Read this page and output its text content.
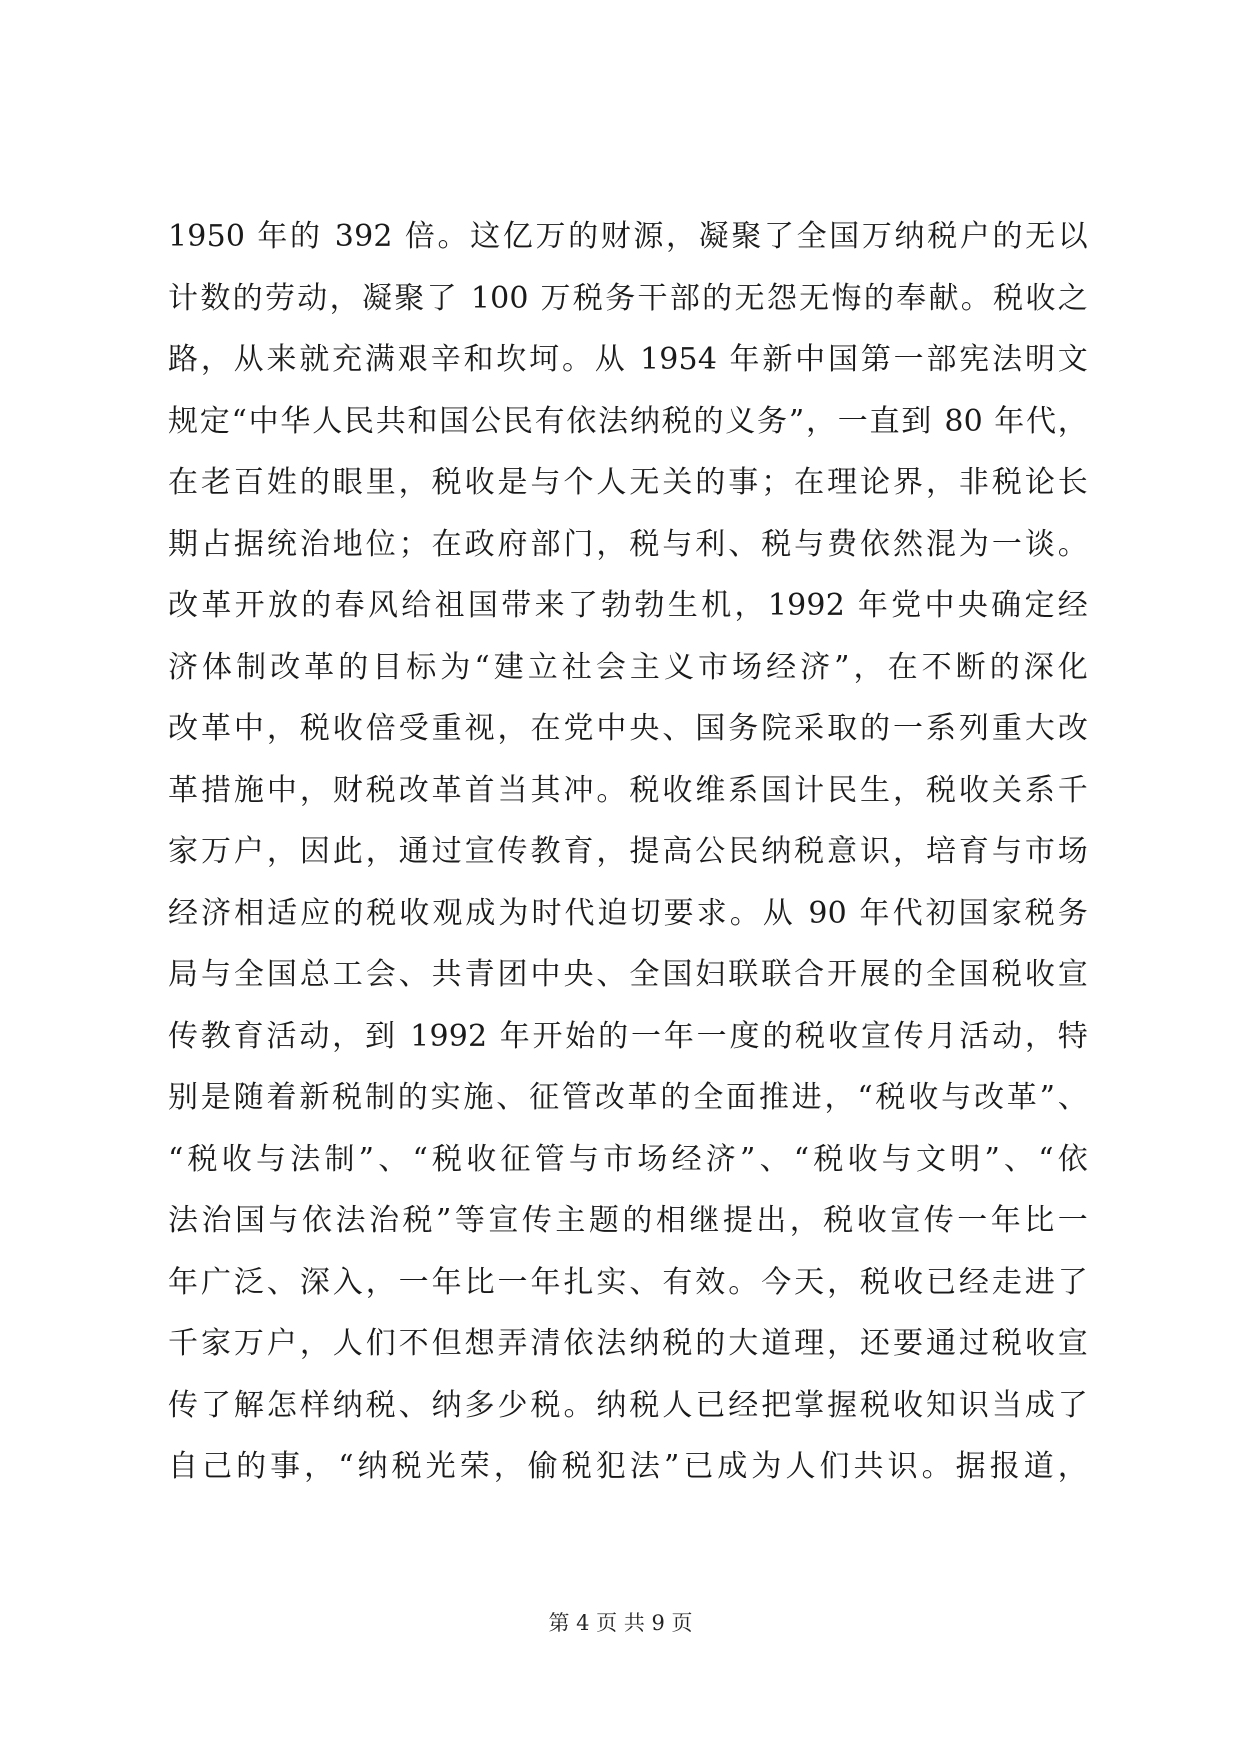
1950 年的 392 倍。这亿万的财源，凝聚了全国万纳税户的无以
计数的劳动，凝聚了 100 万税务干部的无怨无悔的奉献。税收之
路，从来就充满艰辛和坎坷。从 1954 年新中国第一部宪法明文
规定“中华人民共和国公民有依法纳税的义务”，一直到 80 年代，
在老百姓的眼里，税收是与个人无关的事；在理论界，非税论长
期占据统治地位；在政府部门，税与利、税与费依然混为一谈。
改革开放的春风给祖国带来了勃勃生机，1992 年党中央确定经
济体制改革的目标为“建立社会主义市场经济”，在不断的深化
改革中，税收倍受重视，在党中央、国务院采取的一系列重大改
革措施中，财税改革首当其冲。税收维系国计民生，税收关系千
家万户，因此，通过宣传教育，提高公民纳税意识，培育与市场
经济相适应的税收观成为时代迫切要求。从 90 年代初国家税务
局与全国总工会、共青团中央、全国妇联联合开展的全国税收宣
传教育活动，到 1992 年开始的一年一度的税收宣传月活动，特
别是随着新税制的实施、征管改革的全面推进，“税收与改革”、
“税收与法制”、“税收征管与市场经济”、“税收与文明”、“依
法治国与依法治税”等宣传主题的相继提出，税收宣传一年比一
年广泛、深入，一年比一年扎实、有效。今天，税收已经走进了
千家万户，人们不但想弄清依法纳税的大道理，还要通过税收宣
传了解怎样纳税、纳多少税。纳税人已经把掌握税收知识当成了
自己的事，“纳税光荣，偷税犯法”已成为人们共识。据报道，
第 4 页 共 9 页
